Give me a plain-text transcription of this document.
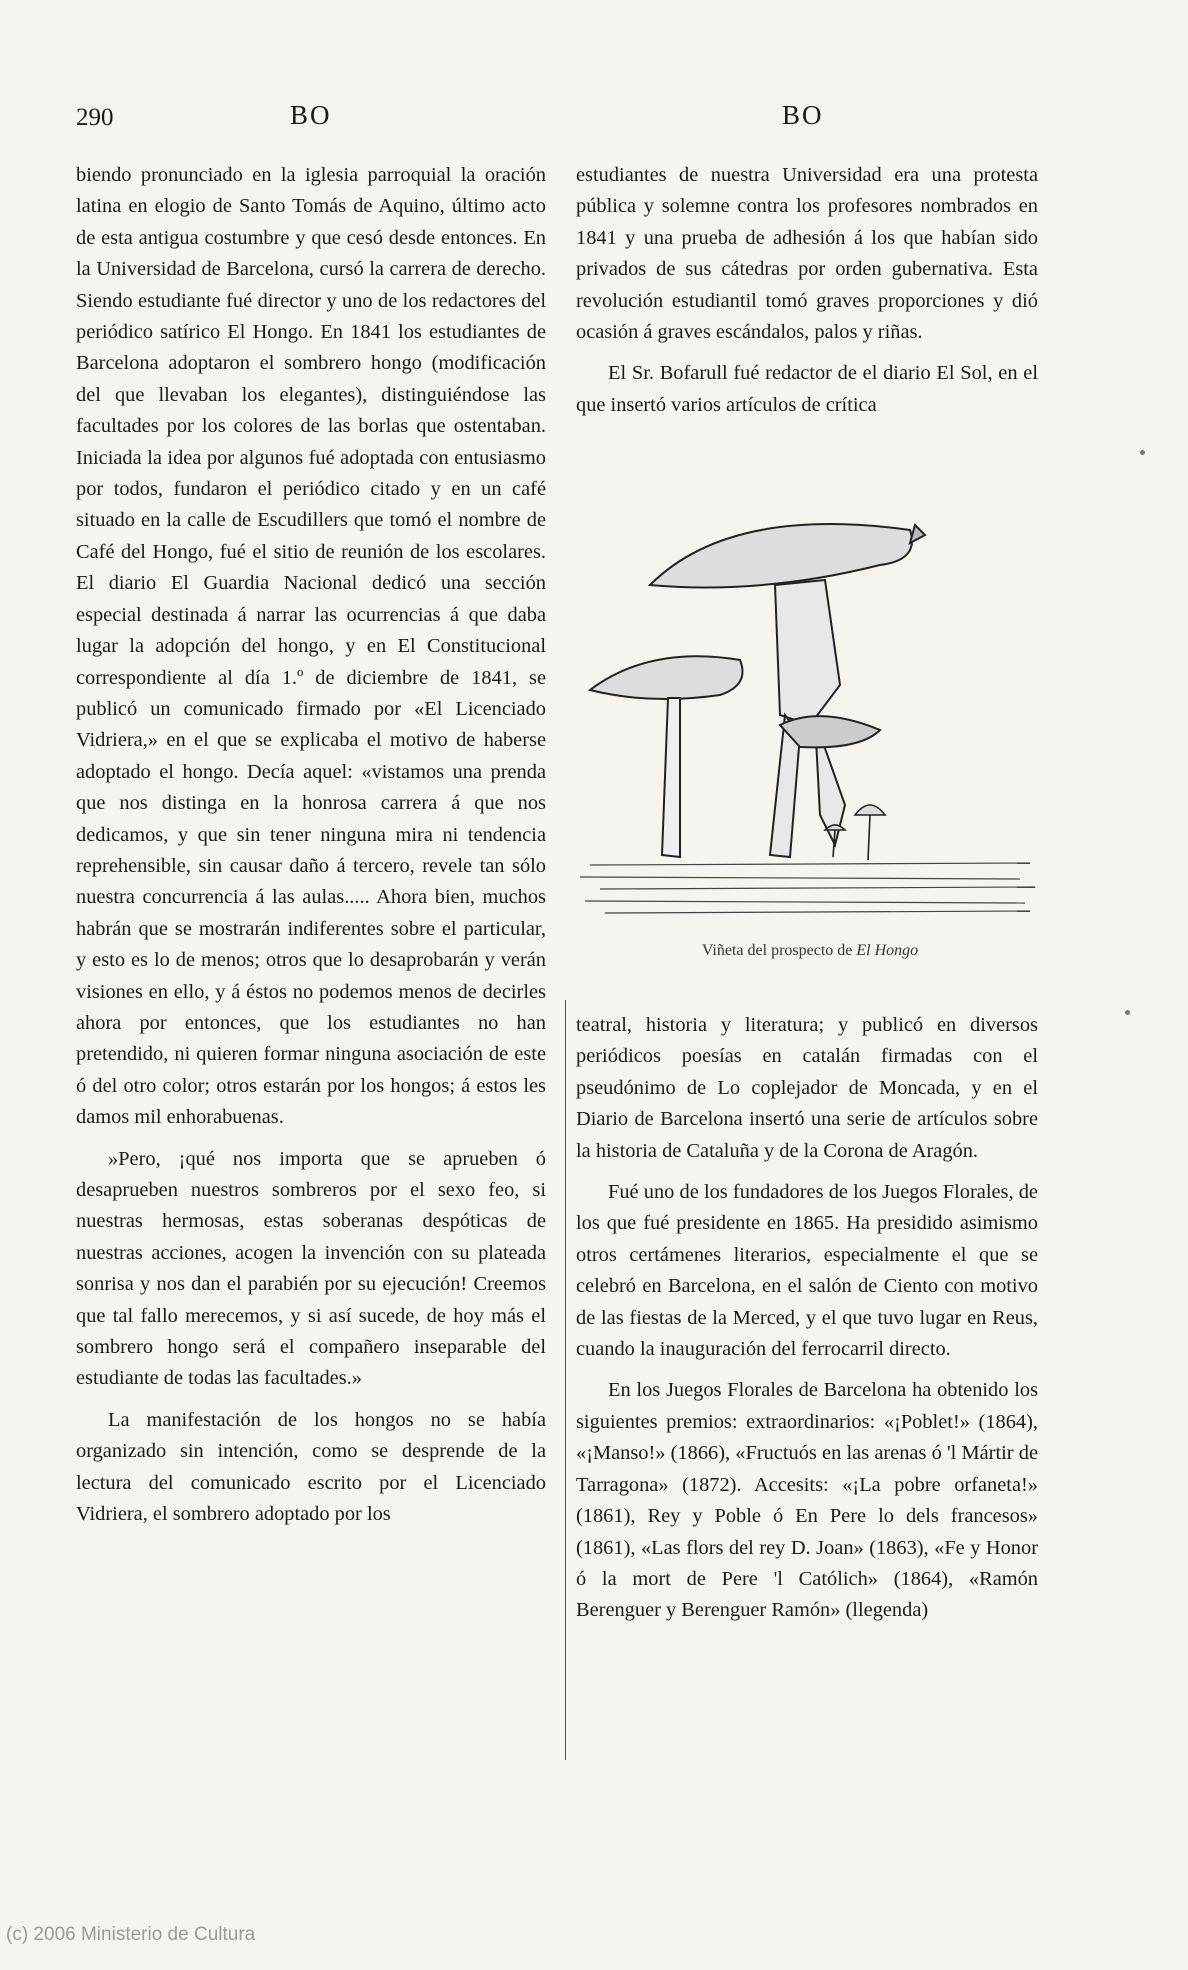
290	BO	BO

biendo pronunciado en la iglesia parroquial la oración latina en elogio de Santo Tomás de Aquino, último acto de esta antigua costumbre y que cesó desde entonces. En la Universidad de Barcelona, cursó la carrera de derecho. Siendo estudiante fué director y uno de los redactores del periódico satírico El Hongo. En 1841 los estudiantes de Barcelona adoptaron el sombrero hongo (modificación del que llevaban los elegantes), distinguiéndose las facultades por los colores de las borlas que ostentaban. Iniciada la idea por algunos fué adoptada con entusiasmo por todos, fundaron el periódico citado y en un café situado en la calle de Escudillers que tomó el nombre de Café del Hongo, fué el sitio de reunión de los escolares. El diario El Guardia Nacional dedicó una sección especial destinada á narrar las ocurrencias á que daba lugar la adopción del hongo, y en El Constitucional correspondiente al día 1.º de diciembre de 1841, se publicó un comunicado firmado por «El Licenciado Vidriera,» en el que se explicaba el motivo de haberse adoptado el hongo. Decía aquel: «vistamos una prenda que nos distinga en la honrosa carrera á que nos dedicamos, y que sin tener ninguna mira ni tendencia reprehensible, sin causar daño á tercero, revele tan sólo nuestra concurrencia á las aulas..... Ahora bien, muchos habrán que se mostrarán indiferentes sobre el particular, y esto es lo de menos; otros que lo desaprobarán y verán visiones en ello, y á éstos no podemos menos de decirles ahora por entonces, que los estudiantes no han pretendido, ni quieren formar ninguna asociación de este ó del otro color; otros estarán por los hongos; á estos les damos mil enhorabuenas.

»Pero, ¡qué nos importa que se aprueben ó desaprueben nuestros sombreros por el sexo feo, si nuestras hermosas, estas soberanas despóticas de nuestras acciones, acogen la invención con su plateada sonrisa y nos dan el parabién por su ejecución! Creemos que tal fallo merecemos, y si así sucede, de hoy más el sombrero hongo será el compañero inseparable del estudiante de todas las facultades.»

La manifestación de los hongos no se había organizado sin intención, como se desprende de la lectura del comunicado escrito por el Licenciado Vidriera, el sombrero adoptado por los

estudiantes de nuestra Universidad era una protesta pública y solemne contra los profesores nombrados en 1841 y una prueba de adhesión á los que habían sido privados de sus cátedras por orden gubernativa. Esta revolución estudiantil tomó graves proporciones y dió ocasión á graves escándalos, palos y riñas.

El Sr. Bofarull fué redactor de el diario El Sol, en el que insertó varios artículos de crítica

Viñeta del prospecto de El Hongo

teatral, historia y literatura; y publicó en diversos periódicos poesías en catalán firmadas con el pseudónimo de Lo coplejador de Moncada, y en el Diario de Barcelona insertó una serie de artículos sobre la historia de Cataluña y de la Corona de Aragón.

Fué uno de los fundadores de los Juegos Florales, de los que fué presidente en 1865. Ha presidido asimismo otros certámenes literarios, especialmente el que se celebró en Barcelona, en el salón de Ciento con motivo de las fiestas de la Merced, y el que tuvo lugar en Reus, cuando la inauguración del ferrocarril directo.

En los Juegos Florales de Barcelona ha obtenido los siguientes premios: extraordinarios: «¡Poblet!» (1864), «¡Manso!» (1866), «Fructuós en las arenas ó 'l Mártir de Tarragona» (1872). Accesits: «¡La pobre orfaneta!» (1861), Rey y Poble ó En Pere lo dels francesos» (1861), «Las flors del rey D. Joan» (1863), «Fe y Honor ó la mort de Pere 'l Católich» (1864), «Ramón Berenguer y Berenguer Ramón» (llegenda)

(c) 2006 Ministerio de Cultura
